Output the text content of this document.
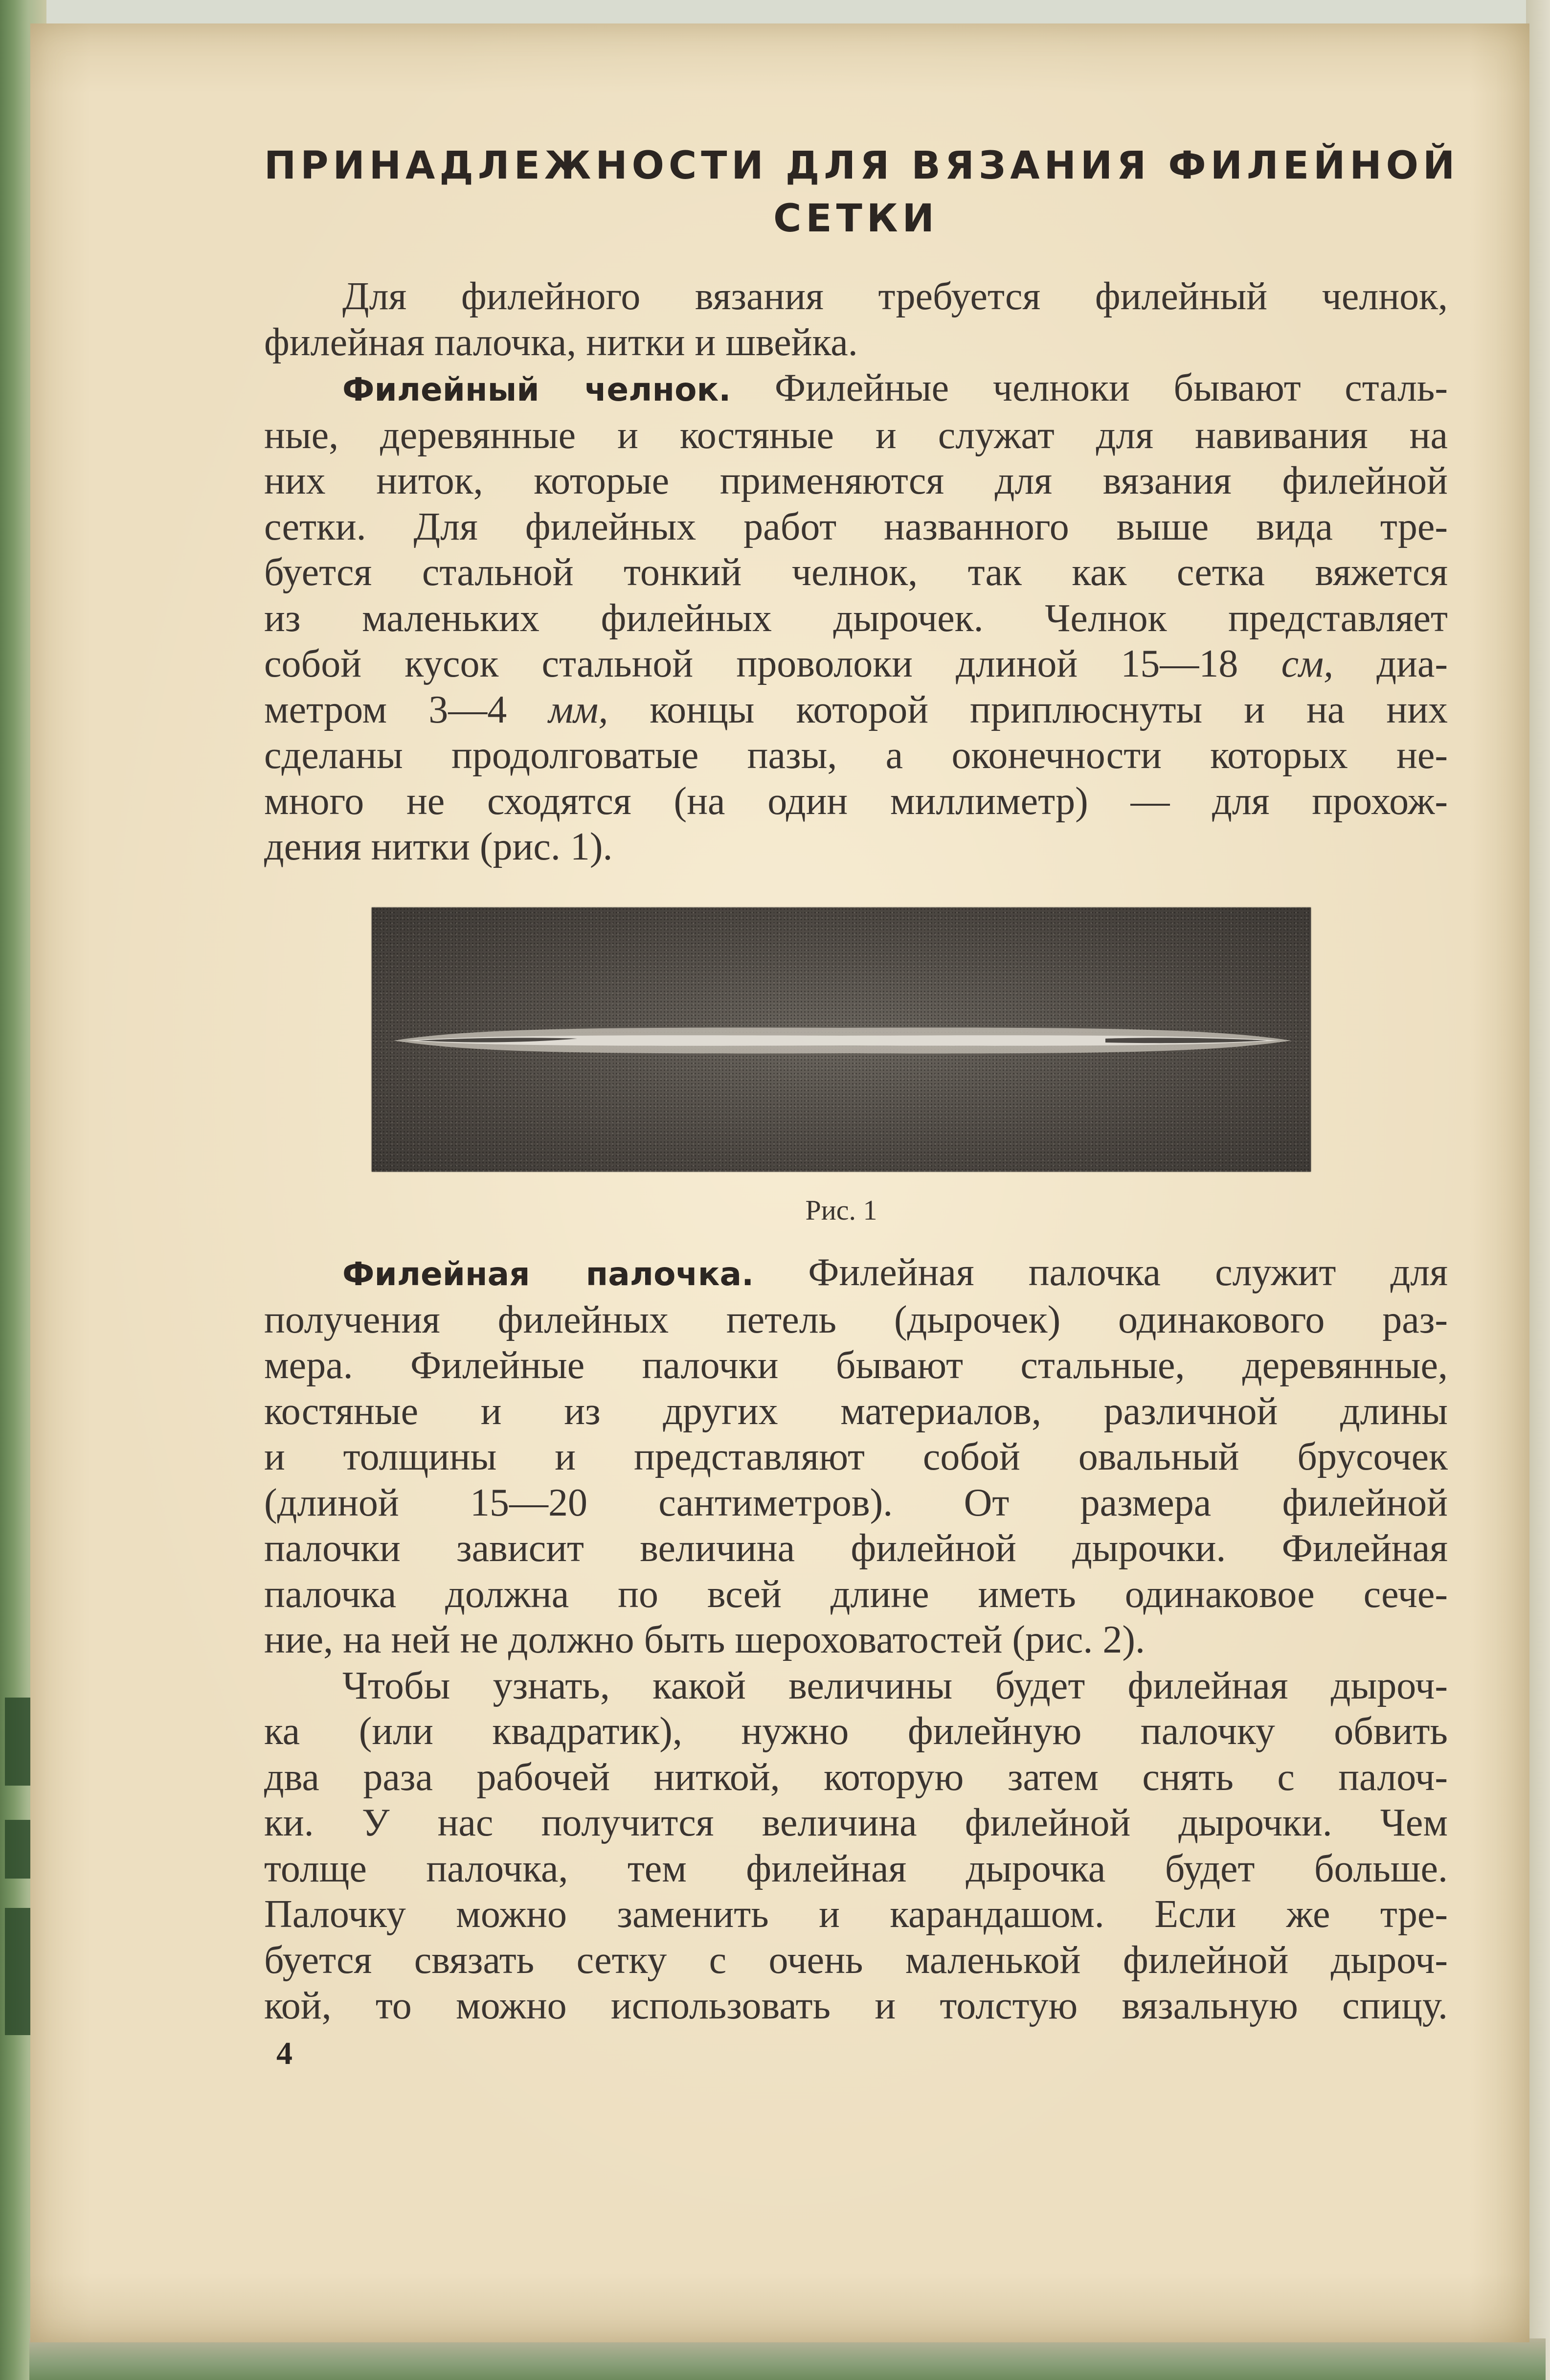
ПРИНАДЛЕЖНОСТИ ДЛЯ ВЯЗАНИЯ ФИЛЕЙНОЙ
СЕТКИ
Для филейного вязания требуется филейный челнок,
филейная палочка, нитки и швейка.
Филейный челнок. Филейные челноки бывают сталь-
ные, деревянные и костяные и служат для навивания на
них ниток, которые применяются для вязания филейной
сетки. Для филейных работ названного выше вида тре-
буется стальной тонкий челнок, так как сетка вяжется
из маленьких филейных дырочек. Челнок представляет
собой кусок стальной проволоки длиной 15—18 см, диа-
метром 3—4 мм, концы которой приплюснуты и на них
сделаны продолговатые пазы, а оконечности которых не-
много не сходятся (на один миллиметр) — для прохож-
дения нитки (рис. 1).
Рис. 1
Филейная палочка. Филейная палочка служит для
получения филейных петель (дырочек) одинакового раз-
мера. Филейные палочки бывают стальные, деревянные,
костяные и из других материалов, различной длины
и толщины и представляют собой овальный брусочек
(длиной 15—20 сантиметров). От размера филейной
палочки зависит величина филейной дырочки. Филейная
палочка должна по всей длине иметь одинаковое сече-
ние, на ней не должно быть шероховатостей (рис. 2).
Чтобы узнать, какой величины будет филейная дыроч-
ка (или квадратик), нужно филейную палочку обвить
два раза рабочей ниткой, которую затем снять с палоч-
ки. У нас получится величина филейной дырочки. Чем
толще палочка, тем филейная дырочка будет больше.
Палочку можно заменить и карандашом. Если же тре-
буется связать сетку с очень маленькой филейной дыроч-
кой, то можно использовать и толстую вязальную спицу.
4
